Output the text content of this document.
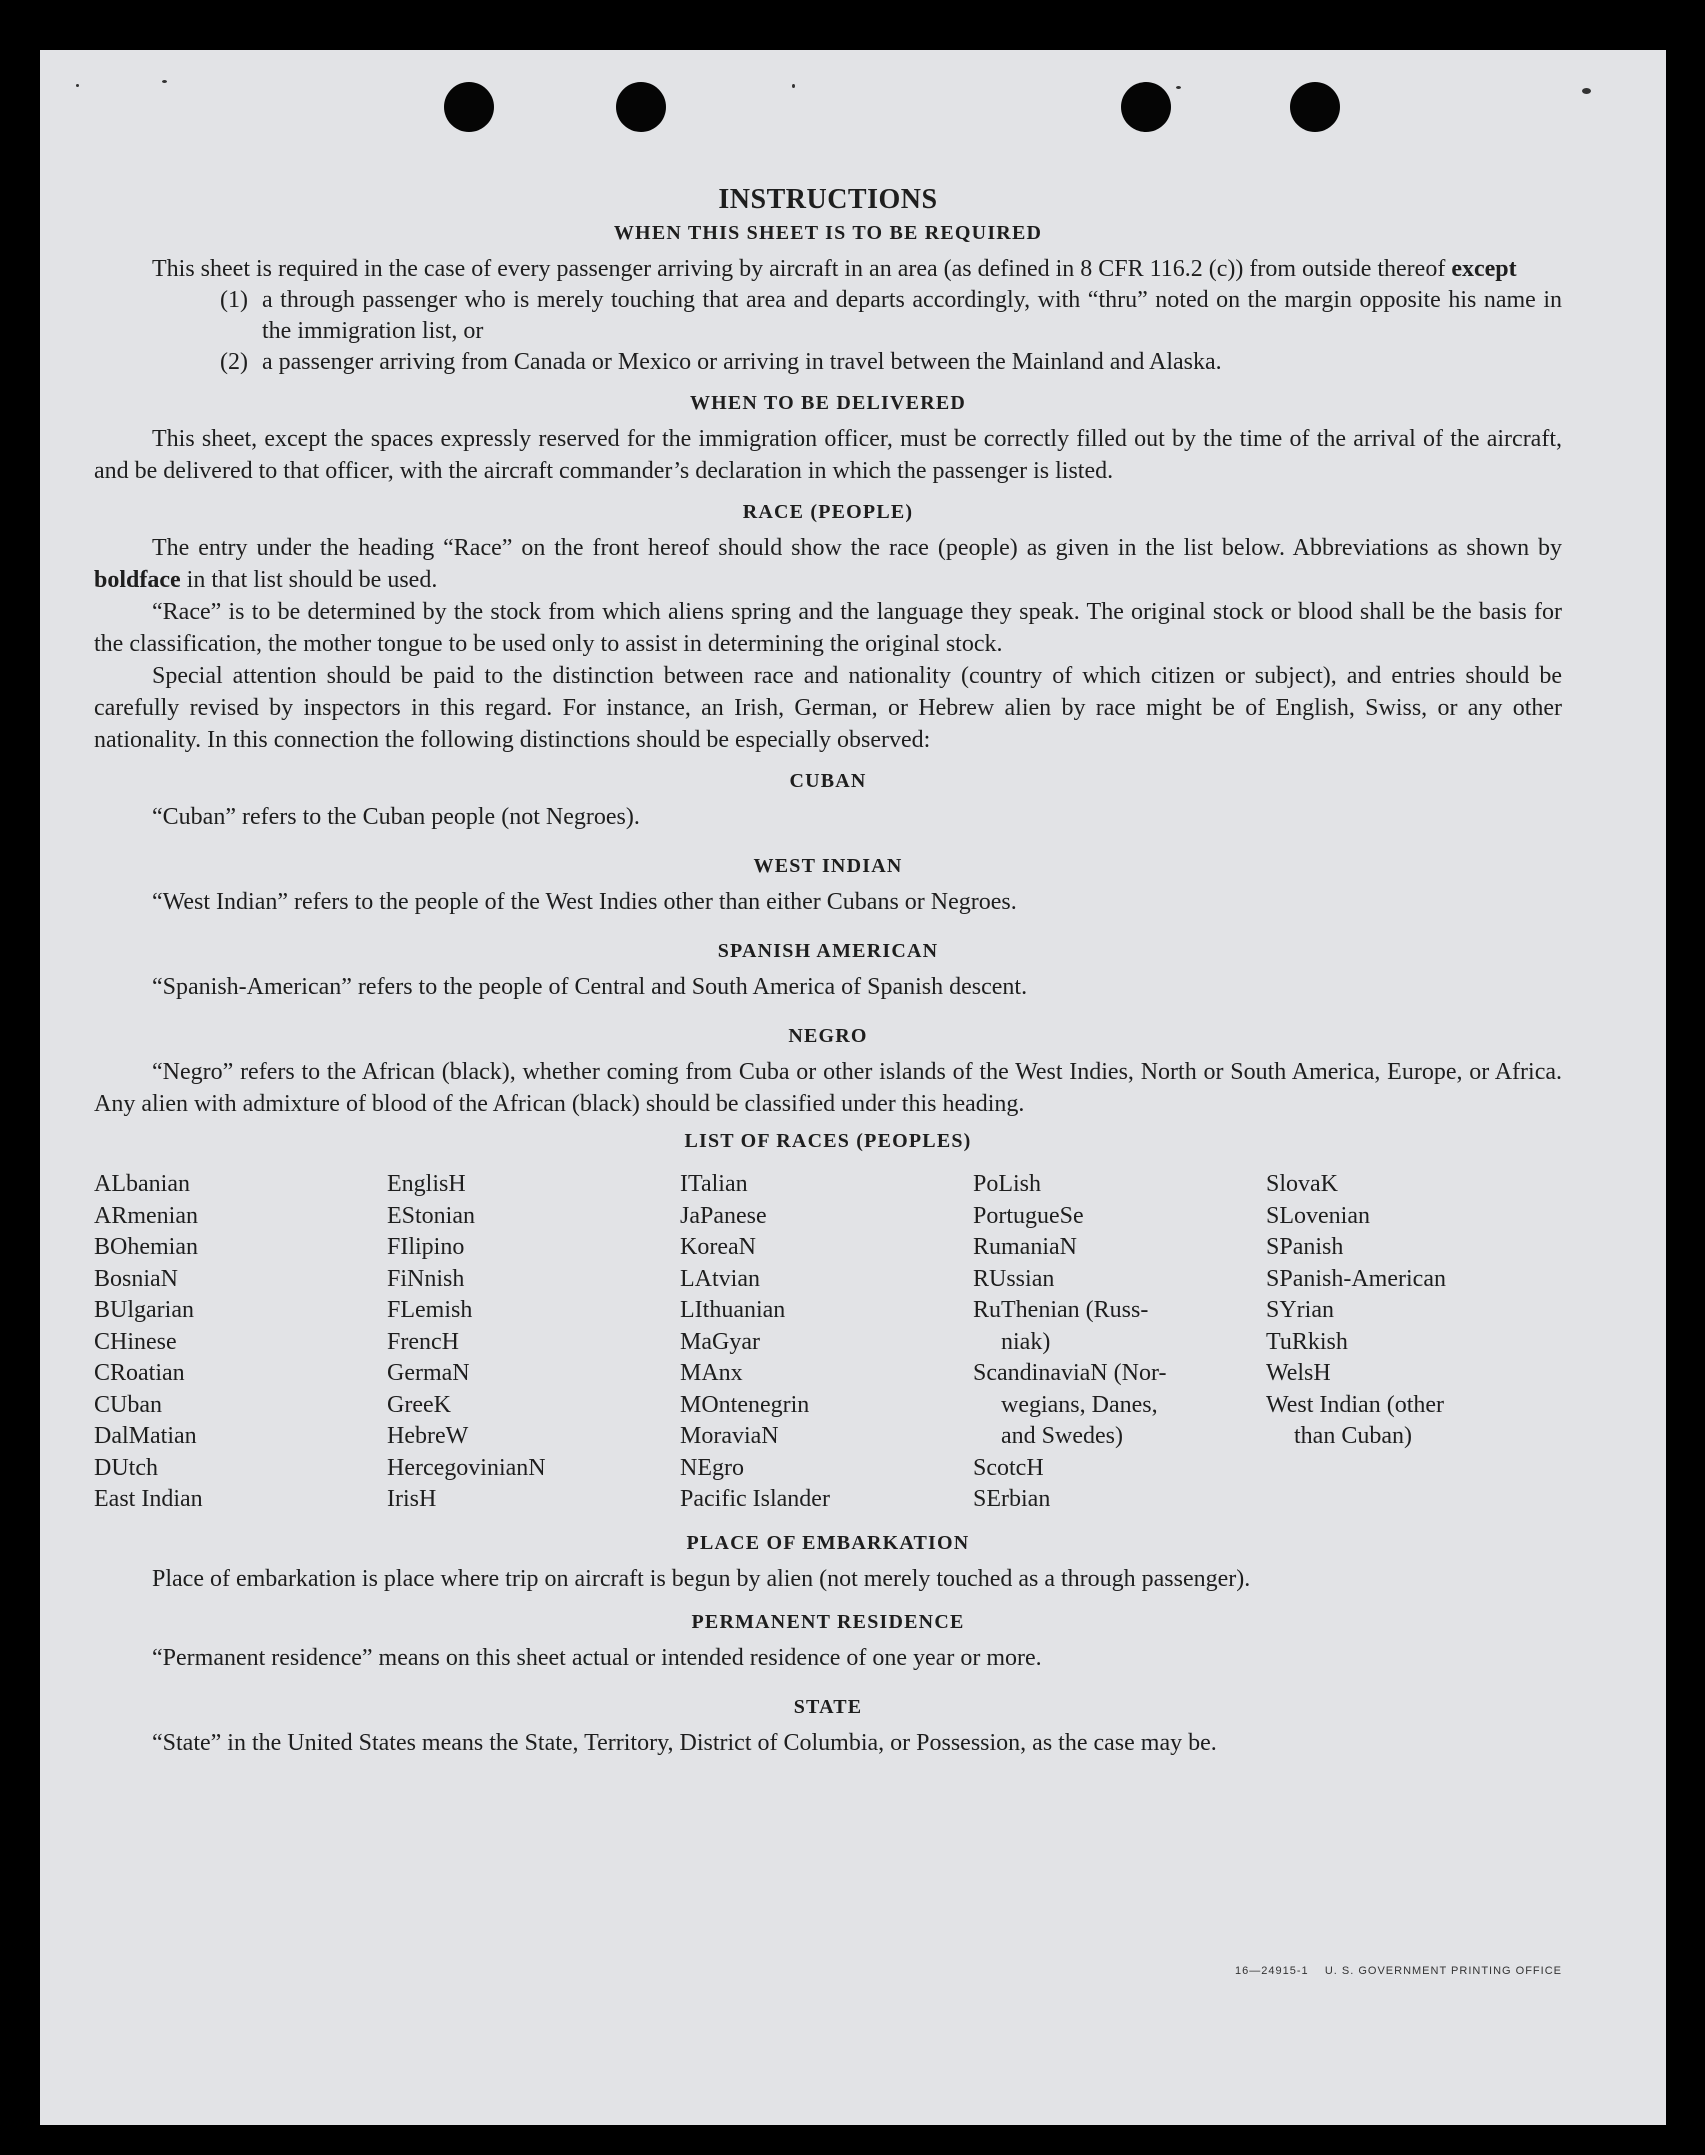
INSTRUCTIONS
WHEN THIS SHEET IS TO BE REQUIRED

This sheet is required in the case of every passenger arriving by aircraft in an area (as defined in 8 CFR 116.2 (c)) from outside thereof except

(1) a through passenger who is merely touching that area and departs accordingly, with “thru” noted on the margin opposite his name in the immigration list, or
(2) a passenger arriving from Canada or Mexico or arriving in travel between the Mainland and Alaska.
WHEN TO BE DELIVERED

This sheet, except the spaces expressly reserved for the immigration officer, must be correctly filled out by the time of the arrival of the aircraft, and be delivered to that officer, with the aircraft commander’s declaration in which the passenger is listed.

RACE (PEOPLE)

The entry under the heading “Race” on the front hereof should show the race (people) as given in the list below. Abbreviations as shown by boldface in that list should be used.

“Race” is to be determined by the stock from which aliens spring and the language they speak. The original stock or blood shall be the basis for the classification, the mother tongue to be used only to assist in determining the original stock.

Special attention should be paid to the distinction between race and nationality (country of which citizen or subject), and entries should be carefully revised by inspectors in this regard. For instance, an Irish, German, or Hebrew alien by race might be of English, Swiss, or any other nationality. In this connection the following distinctions should be especially observed:

CUBAN

“Cuban” refers to the Cuban people (not Negroes).

WEST INDIAN

“West Indian” refers to the people of the West Indies other than either Cubans or Negroes.

SPANISH AMERICAN

“Spanish-American” refers to the people of Central and South America of Spanish descent.

NEGRO

“Negro” refers to the African (black), whether coming from Cuba or other islands of the West Indies, North or South America, Europe, or Africa. Any alien with admixture of blood of the African (black) should be classified under this heading.

LIST OF RACES (PEOPLES)
ALbanian
ARmenian
BOhemian
BosniaN
BUlgarian
CHinese
CRoatian
CUban
DalMatian
DUtch
East Indian
EnglisH
EStonian
FIlipino
FiNnish
FLemish
FrencH
GermaN
GreeK
HebreW
HercegovinianN
IrisH
ITalian
JaPanese
KoreaN
LAtvian
LIthuanian
MaGyar
MAnx
MOntenegrin
MoraviaN
NEgro
Pacific Islander
PoLish
PortugueSe
RumaniaN
RUssian
RuThenian (Russ-
niak)
ScandinaviaN (Nor-
wegians, Danes,
and Swedes)
ScotcH
SErbian
SlovaK
SLovenian
SPanish
SPanish-American
SYrian
TuRkish
WelsH
West Indian (other
than Cuban)
PLACE OF EMBARKATION

Place of embarkation is place where trip on aircraft is begun by alien (not merely touched as a through passenger).

PERMANENT RESIDENCE

“Permanent residence” means on this sheet actual or intended residence of one year or more.

STATE

“State” in the United States means the State, Territory, District of Columbia, or Possession, as the case may be.

16—24915-1 U. S. GOVERNMENT PRINTING OFFICE
